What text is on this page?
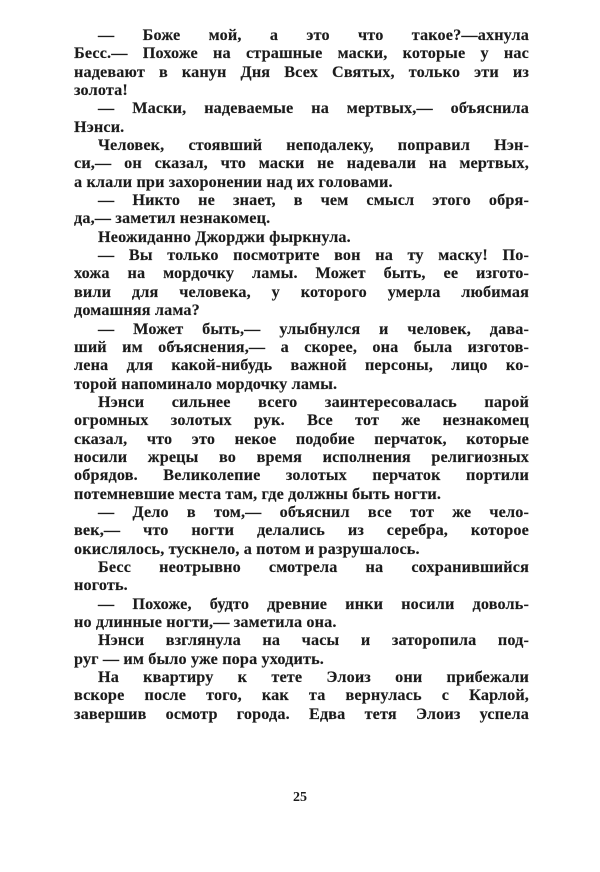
— Боже мой, а это что такое?—ахнула
Бесс.— Похоже на страшные маски, которые у нас
надевают в канун Дня Всех Святых, только эти из
золота!
— Маски, надеваемые на мертвых,— объяснила
Нэнси.
Человек, стоявший неподалеку, поправил Нэн-
си,— он сказал, что маски не надевали на мертвых,
а клали при захоронении над их головами.
— Никто не знает, в чем смысл этого обря-
да,— заметил незнакомец.
Неожиданно Джорджи фыркнула.
— Вы только посмотрите вон на ту маску! По-
хожа на мордочку ламы. Может быть, ее изгото-
вили для человека, у которого умерла любимая
домашняя лама?
— Может быть,— улыбнулся и человек, дава-
ший им объяснения,— а скорее, она была изготов-
лена для какой-нибудь важной персоны, лицо ко-
торой напоминало мордочку ламы.
Нэнси сильнее всего заинтересовалась парой
огромных золотых рук. Все тот же незнакомец
сказал, что это некое подобие перчаток, которые
носили жрецы во время исполнения религиозных
обрядов. Великолепие золотых перчаток портили
потемневшие места там, где должны быть ногти.
— Дело в том,— объяснил все тот же чело-
век,— что ногти делались из серебра, которое
окислялось, тускнело, а потом и разрушалось.
Бесс неотрывно смотрела на сохранившийся
ноготь.
— Похоже, будто древние инки носили доволь-
но длинные ногти,— заметила она.
Нэнси взглянула на часы и заторопила под-
руг — им было уже пора уходить.
На квартиру к тете Элоиз они прибежали
вскоре после того, как та вернулась с Карлой,
завершив осмотр города. Едва тетя Элоиз успела
25
